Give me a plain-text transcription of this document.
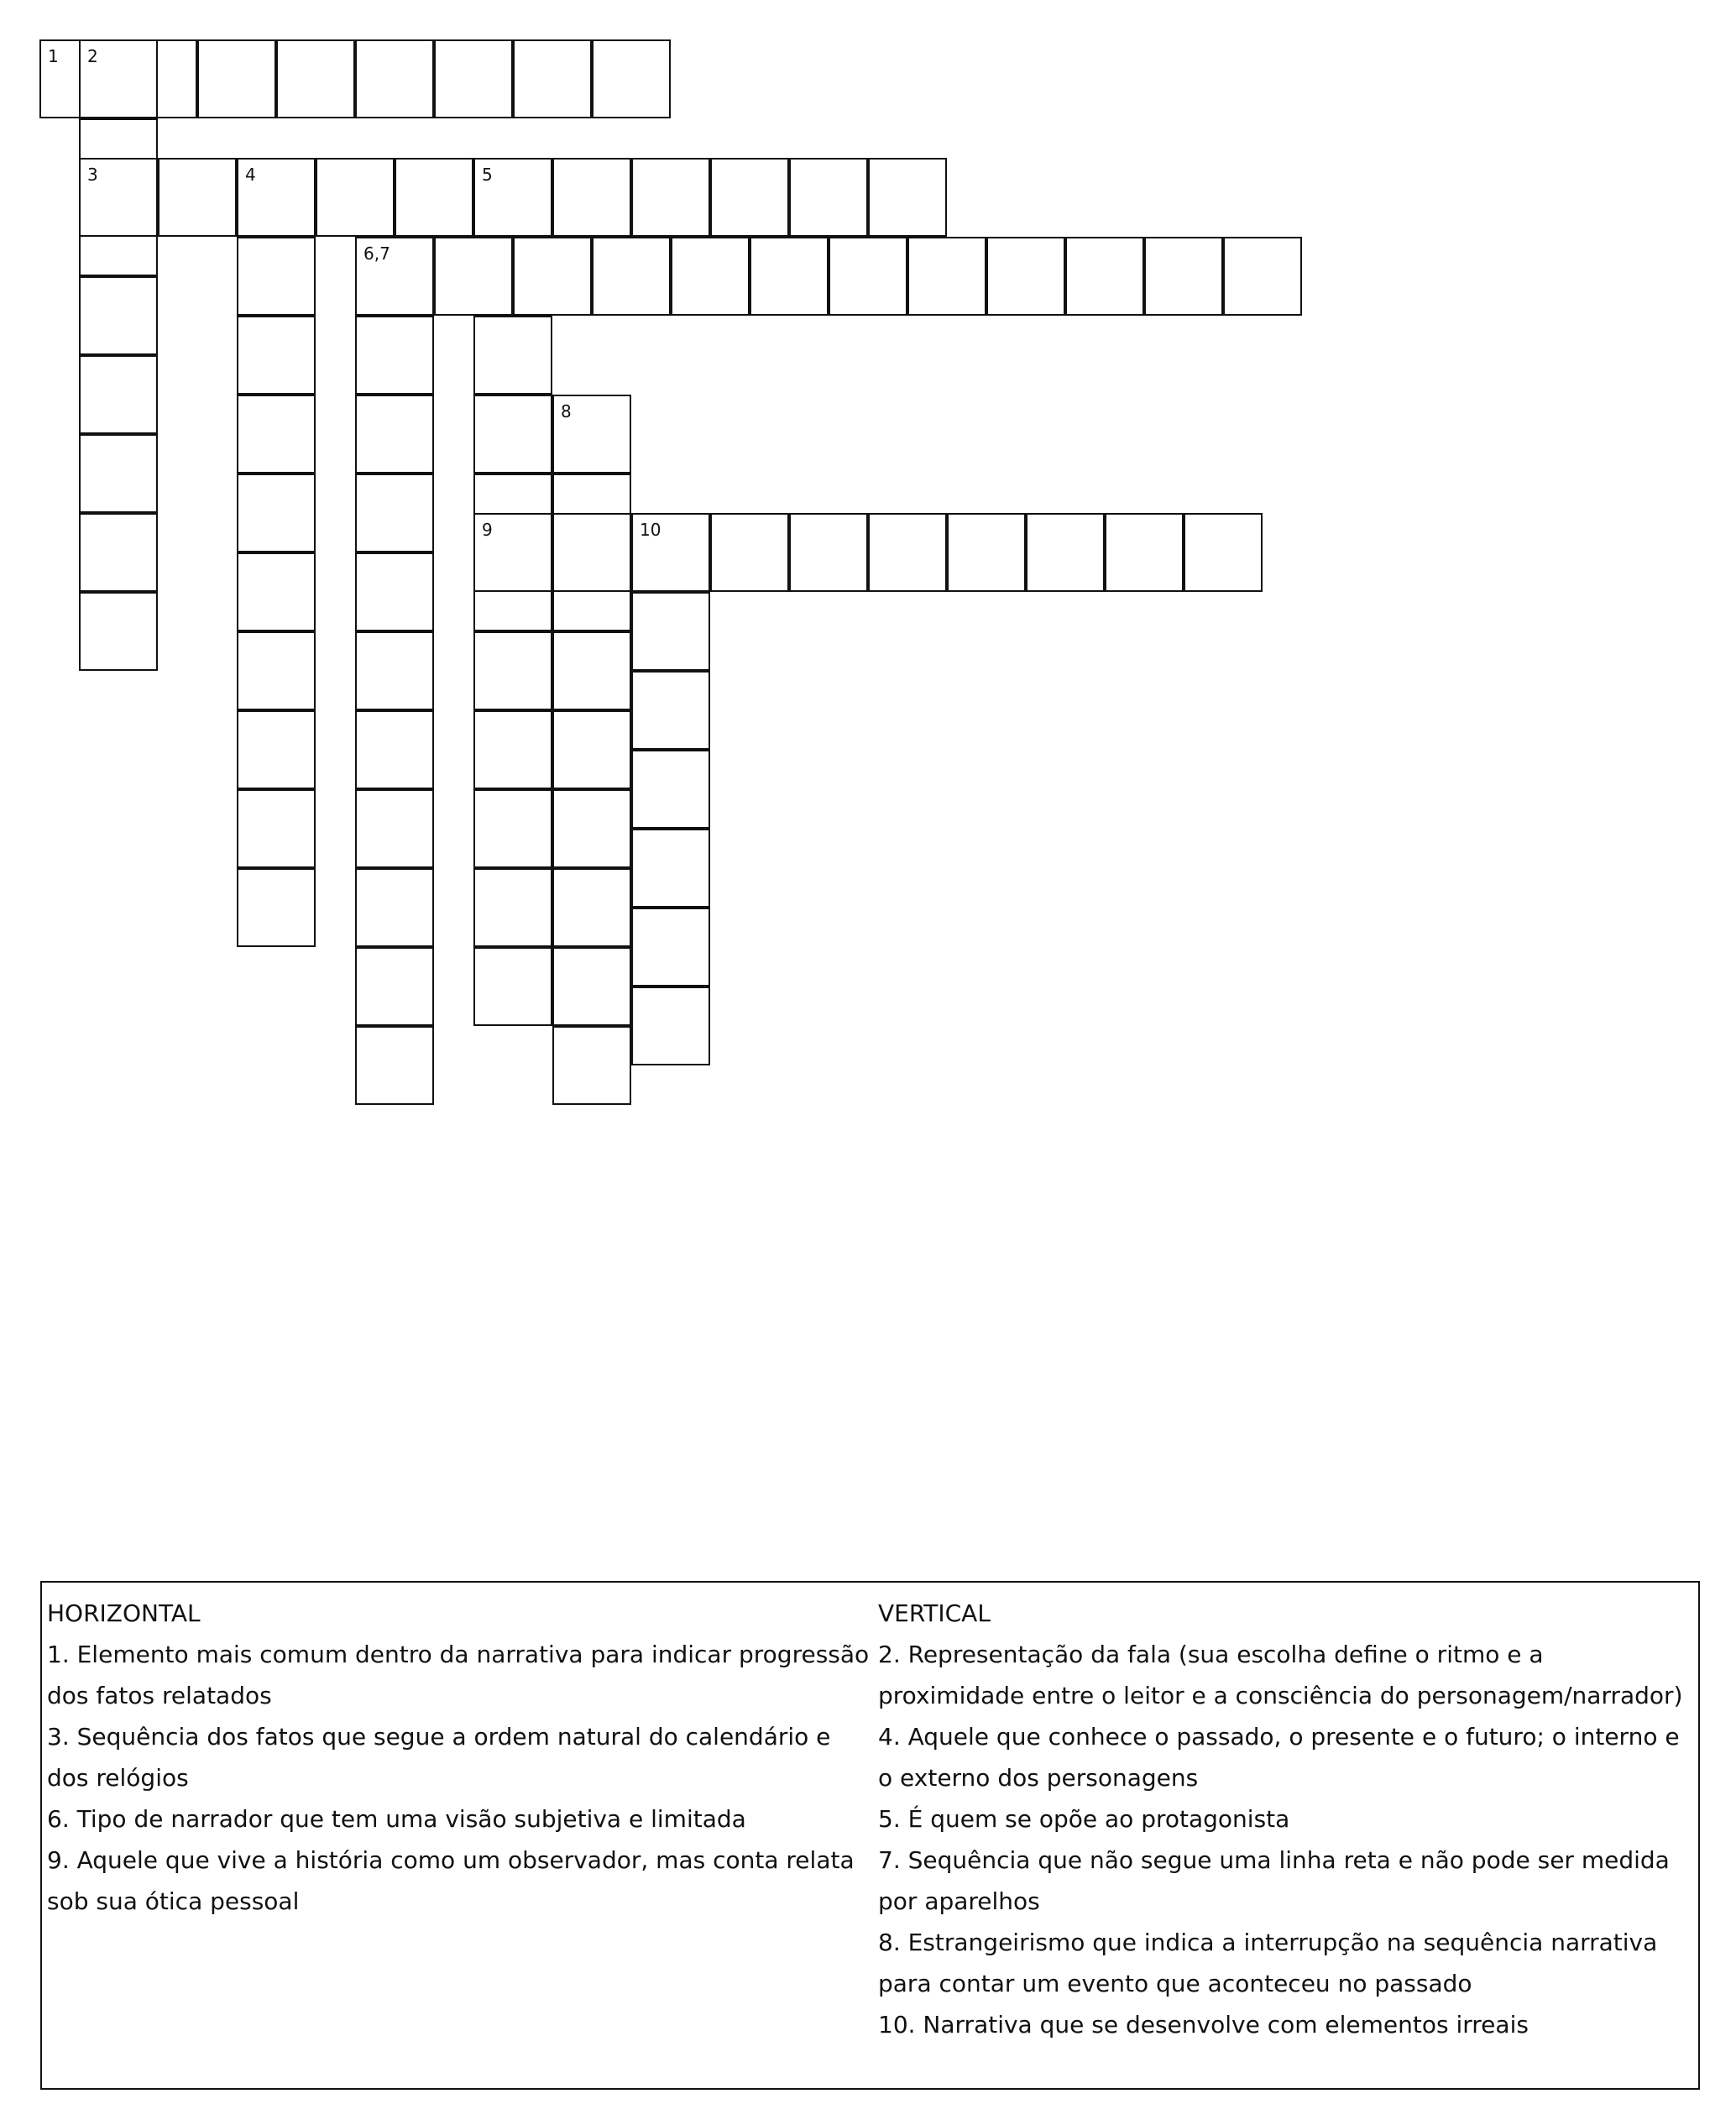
1 2
3	4	5
6,7
8
9	10

HORIZONTAL

1. Elemento mais comum dentro da narrativa para indicar progressão dos fatos relatados

3. Sequência dos fatos que segue a ordem natural do calendário e dos relógios

6. Tipo de narrador que tem uma visão subjetiva e limitada

9. Aquele que vive a história como um observador, mas conta relata sob sua ótica pessoal

VERTICAL

2. Representação da fala (sua escolha define o ritmo e a proximidade entre o leitor e a consciência do personagem/narrador)

4. Aquele que conhece o passado, o presente e o futuro; o interno e o externo dos personagens

5. É quem se opõe ao protagonista

7. Sequência que não segue uma linha reta e não pode ser medida por aparelhos

8. Estrangeirismo que indica a interrupção na sequência narrativa para contar um evento que aconteceu no passado

10. Narrativa que se desenvolve com elementos irreais
